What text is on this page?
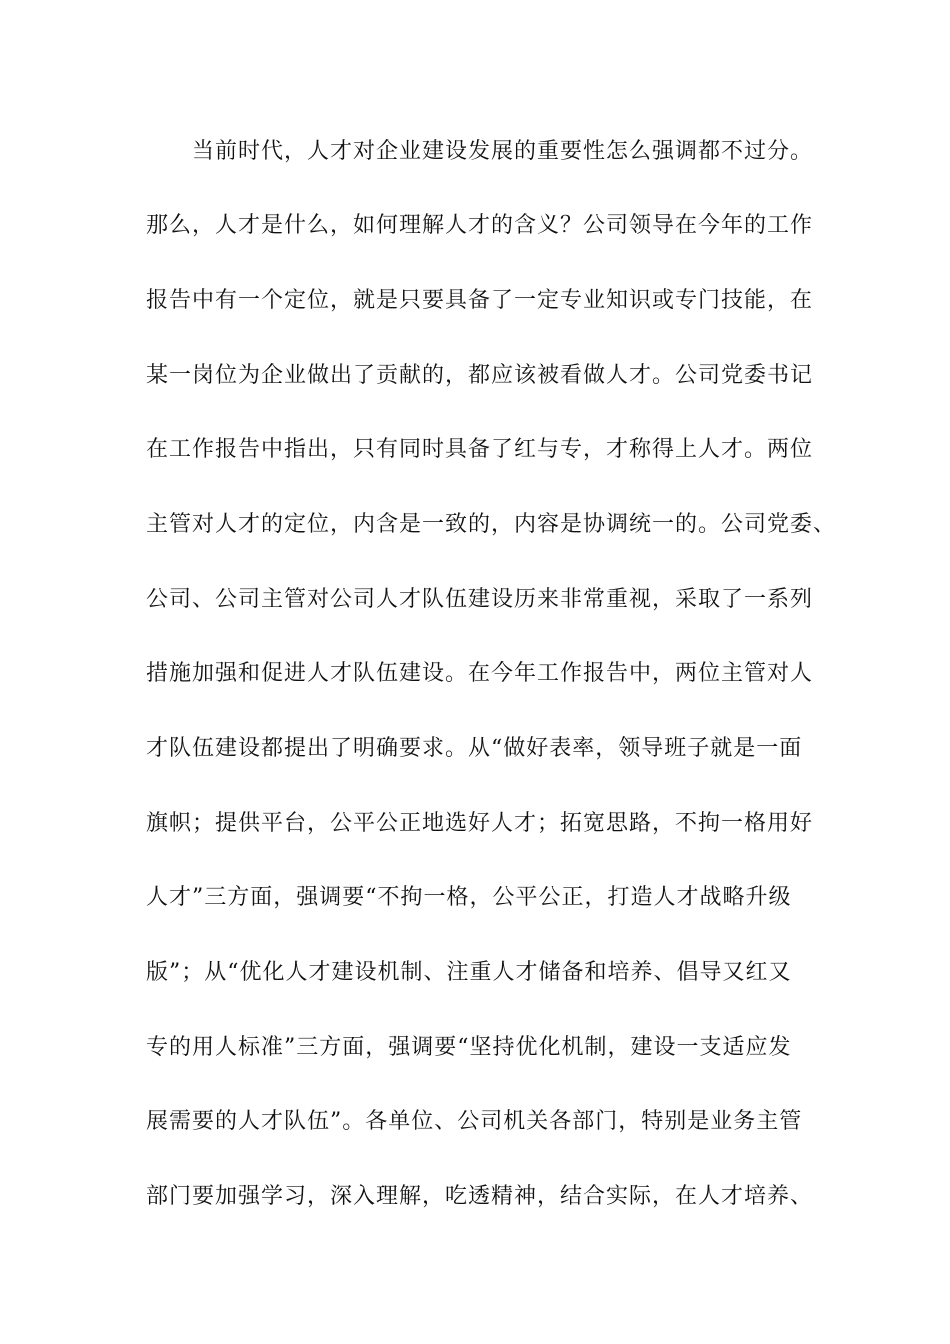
当前时代，人才对企业建设发展的重要性怎么强调都不过分。
那么，人才是什么，如何理解人才的含义？公司领导在今年的工作
报告中有一个定位，就是只要具备了一定专业知识或专门技能，在
某一岗位为企业做出了贡献的，都应该被看做人才。公司党委书记
在工作报告中指出，只有同时具备了红与专，才称得上人才。两位
主管对人才的定位，内含是一致的，内容是协调统一的。公司党委、
公司、公司主管对公司人才队伍建设历来非常重视，采取了一系列
措施加强和促进人才队伍建设。在今年工作报告中，两位主管对人
才队伍建设都提出了明确要求。从“做好表率，领导班子就是一面
旗帜；提供平台，公平公正地选好人才；拓宽思路，不拘一格用好
人才”三方面，强调要“不拘一格，公平公正，打造人才战略升级
版”；从“优化人才建设机制、注重人才储备和培养、倡导又红又
专的用人标准”三方面，强调要“坚持优化机制，建设一支适应发
展需要的人才队伍”。各单位、公司机关各部门，特别是业务主管
部门要加强学习，深入理解，吃透精神，结合实际，在人才培养、
